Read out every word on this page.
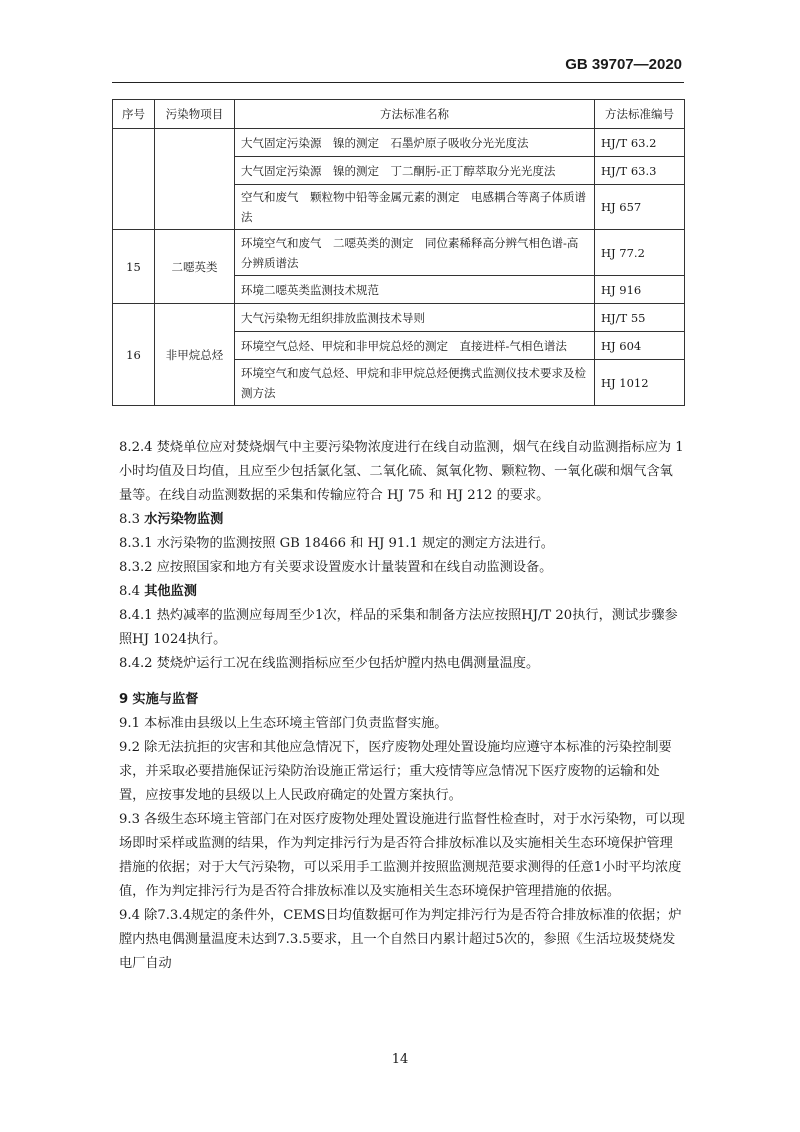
GB 39707—2020
序号	污染物项目	方法标准名称	方法标准编号
		大气固定污染源　镍的测定　石墨炉原子吸收分光光度法	HJ/T 63.2
		大气固定污染源　镍的测定　丁二酮肟-正丁醇萃取分光光度法	HJ/T 63.3
		空气和废气　颗粒物中铅等金属元素的测定　电感耦合等离子体质谱法	HJ 657
15	二噁英类	环境空气和废气　二噁英类的测定　同位素稀释高分辨气相色谱-高分辨质谱法	HJ 77.2
		环境二噁英类监测技术规范	HJ 916
16	非甲烷总烃	大气污染物无组织排放监测技术导则	HJ/T 55
		环境空气总烃、甲烷和非甲烷总烃的测定　直接进样-气相色谱法	HJ 604
		环境空气和废气总烃、甲烷和非甲烷总烃便携式监测仪技术要求及检测方法	HJ 1012

8.2.4 焚烧单位应对焚烧烟气中主要污染物浓度进行在线自动监测，烟气在线自动监测指标应为 1小时均值及日均值，且应至少包括氯化氢、二氧化硫、氮氧化物、颗粒物、一氧化碳和烟气含氧量等。在线自动监测数据的采集和传输应符合 HJ 75 和 HJ 212 的要求。

8.3 水污染物监测

8.3.1 水污染物的监测按照 GB 18466 和 HJ 91.1 规定的测定方法进行。

8.3.2 应按照国家和地方有关要求设置废水计量装置和在线自动监测设备。

8.4 其他监测

8.4.1 热灼减率的监测应每周至少1次，样品的采集和制备方法应按照HJ/T 20执行，测试步骤参照HJ 1024执行。

8.4.2 焚烧炉运行工况在线监测指标应至少包括炉膛内热电偶测量温度。

9 实施与监督

9.1 本标准由县级以上生态环境主管部门负责监督实施。

9.2 除无法抗拒的灾害和其他应急情况下，医疗废物处理处置设施均应遵守本标准的污染控制要求，并采取必要措施保证污染防治设施正常运行；重大疫情等应急情况下医疗废物的运输和处置，应按事发地的县级以上人民政府确定的处置方案执行。

9.3 各级生态环境主管部门在对医疗废物处理处置设施进行监督性检查时，对于水污染物，可以现场即时采样或监测的结果，作为判定排污行为是否符合排放标准以及实施相关生态环境保护管理措施的依据；对于大气污染物，可以采用手工监测并按照监测规范要求测得的任意1小时平均浓度值，作为判定排污行为是否符合排放标准以及实施相关生态环境保护管理措施的依据。

9.4 除7.3.4规定的条件外，CEMS日均值数据可作为判定排污行为是否符合排放标准的依据；炉膛内热电偶测量温度未达到7.3.5要求，且一个自然日内累计超过5次的，参照《生活垃圾焚烧发电厂自动

14
